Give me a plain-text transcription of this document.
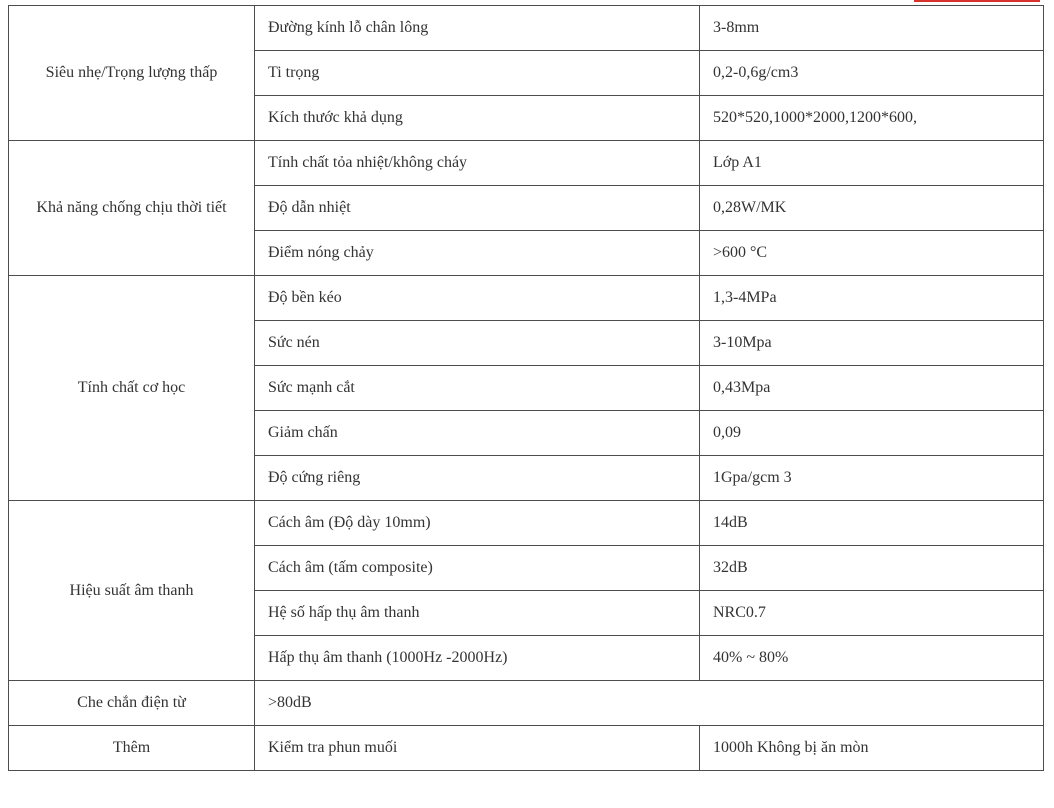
Siêu nhẹ/Trọng lượng thấp	Đường kính lỗ chân lông	3-8mm
	Ti trọng	0,2-0,6g/cm3
	Kích thước khả dụng	520*520,1000*2000,1200*600,
Khả năng chống chịu thời tiết	Tính chất tỏa nhiệt/không cháy	Lớp A1
	Độ dẫn nhiệt	0,28W/MK
	Điểm nóng chảy	>600 °C
Tính chất cơ học	Độ bền kéo	1,3-4MPa
	Sức nén	3-10Mpa
	Sức mạnh cắt	0,43Mpa
	Giảm chấn	0,09
	Độ cứng riêng	1Gpa/gcm 3
Hiệu suất âm thanh	Cách âm (Độ dày 10mm)	14dB
	Cách âm (tấm composite)	32dB
	Hệ số hấp thụ âm thanh	NRC0.7
	Hấp thụ âm thanh (1000Hz -2000Hz)	40% ~ 80%
Che chắn điện từ	>80dB	
Thêm	Kiểm tra phun muối	1000h Không bị ăn mòn
